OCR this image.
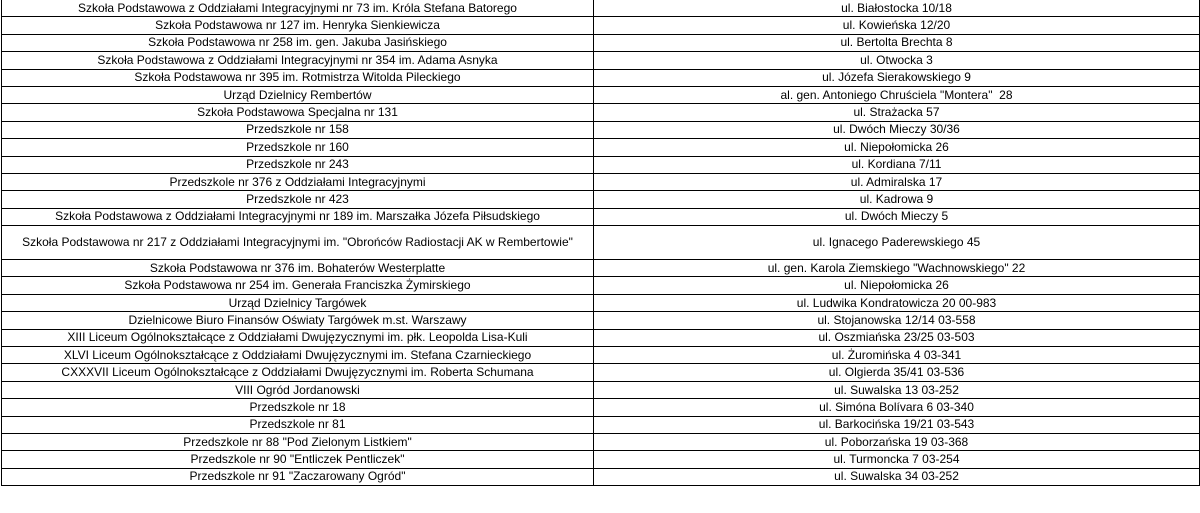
Szkoła Podstawowa z Oddziałami Integracyjnymi nr 73 im. Króla Stefana Batorego	ul. Białostocka 10/18
Szkoła Podstawowa nr 127 im. Henryka Sienkiewicza	ul. Kowieńska 12/20
Szkoła Podstawowa nr 258 im. gen. Jakuba Jasińskiego	ul. Bertolta Brechta 8
Szkoła Podstawowa z Oddziałami Integracyjnymi nr 354 im. Adama Asnyka	ul. Otwocka 3
Szkoła Podstawowa nr 395 im. Rotmistrza Witolda Pileckiego	ul. Józefa Sierakowskiego 9
Urząd Dzielnicy Rembertów	al. gen. Antoniego Chruściela "Montera"  28
Szkoła Podstawowa Specjalna nr 131	ul. Strażacka 57
Przedszkole nr 158	ul. Dwóch Mieczy 30/36
Przedszkole nr 160	ul. Niepołomicka 26
Przedszkole nr 243	ul. Kordiana 7/11
Przedszkole nr 376 z Oddziałami Integracyjnymi	ul. Admiralska 17
Przedszkole nr 423	ul. Kadrowa 9
Szkoła Podstawowa z Oddziałami Integracyjnymi nr 189 im. Marszałka Józefa Piłsudskiego	ul. Dwóch Mieczy 5
Szkoła Podstawowa nr 217 z Oddziałami Integracyjnymi im. "Obrońców Radiostacji AK w Rembertowie"	ul. Ignacego Paderewskiego 45
Szkoła Podstawowa nr 376 im. Bohaterów Westerplatte	ul. gen. Karola Ziemskiego "Wachnowskiego" 22
Szkoła Podstawowa nr 254 im. Generała Franciszka Żymirskiego	ul. Niepołomicka 26
Urząd Dzielnicy Targówek	ul. Ludwika Kondratowicza 20 00-983
Dzielnicowe Biuro Finansów Oświaty Targówek m.st. Warszawy	ul. Stojanowska 12/14 03-558
XIII Liceum Ogólnokształcące z Oddziałami Dwujęzycznymi im. płk. Leopolda Lisa-Kuli	ul. Oszmiańska 23/25 03-503
XLVI Liceum Ogólnokształcące z Oddziałami Dwujęzycznymi im. Stefana Czarnieckiego	ul. Żuromińska 4 03-341
CXXXVII Liceum Ogólnokształcące z Oddziałami Dwujęzycznymi im. Roberta Schumana	ul. Olgierda 35/41 03-536
VIII Ogród Jordanowski	ul. Suwalska 13 03-252
Przedszkole nr 18	ul. Simóna Bolívara 6 03-340
Przedszkole nr 81	ul. Barkocińska 19/21 03-543
Przedszkole nr 88 "Pod Zielonym Listkiem"	ul. Poborzańska 19 03-368
Przedszkole nr 90 "Entliczek Pentliczek"	ul. Turmoncka 7 03-254
Przedszkole nr 91 "Zaczarowany Ogród"	ul. Suwalska 34 03-252
